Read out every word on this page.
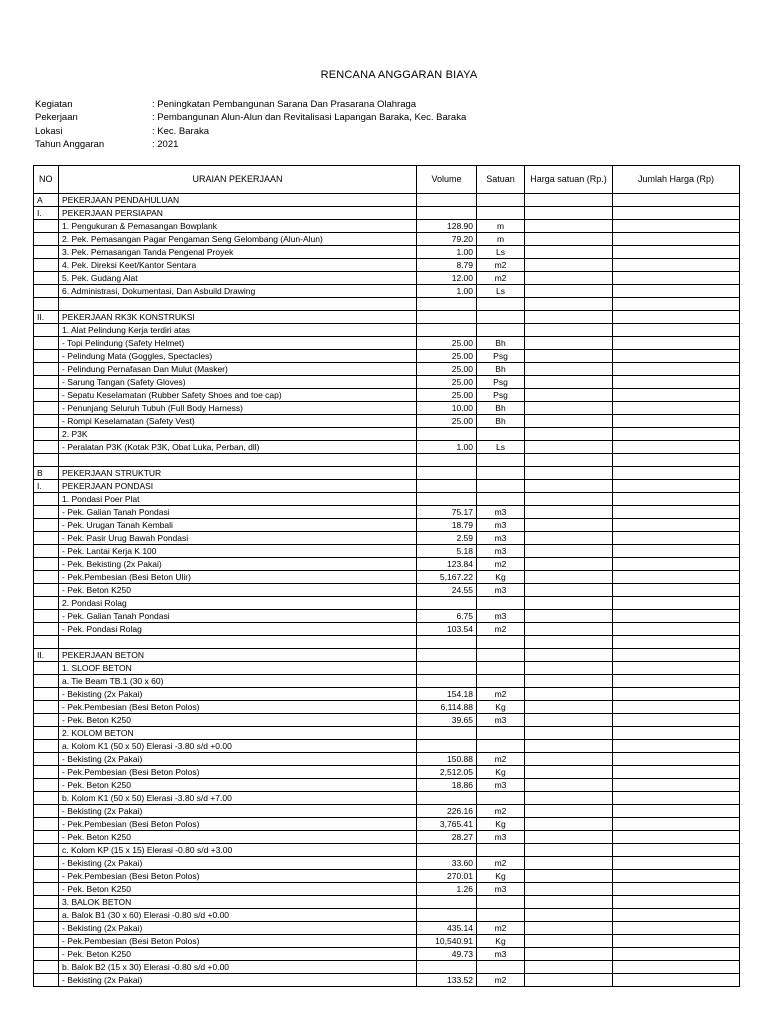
RENCANA ANGGARAN BIAYA
Kegiatan	: Peningkatan Pembangunan Sarana Dan Prasarana Olahraga
Pekerjaan	: Pembangunan Alun-Alun dan Revitalisasi Lapangan Baraka, Kec. Baraka
Lokasi	: Kec. Baraka
Tahun Anggaran	: 2021
NO	URAIAN PEKERJAAN	Volume	Satuan	Harga satuan (Rp.)	Jumlah Harga (Rp)
A	PEKERJAAN PENDAHULUAN				
I.	PEKERJAAN PERSIAPAN				
	1. Pengukuran & Pemasangan Bowplank	128.90	m		
	2. Pek. Pemasangan Pagar Pengaman Seng Gelombang (Alun-Alun)	79.20	m		
	3. Pek. Pemasangan Tanda Pengenal Proyek	1.00	Ls		
	4. Pek. Direksi Keet/Kantor Sentara	8.79	m2		
	5. Pek. Gudang Alat	12.00	m2		
	6. Administrasi, Dokumentasi, Dan Asbuild Drawing	1.00	Ls		

II.	PEKERJAAN RK3K KONSTRUKSI				
	1. Alat Pelindung Kerja terdiri atas				
	- Topi Pelindung (Safety Helmet)	25.00	Bh		
	- Pelindung Mata (Goggles, Spectacles)	25.00	Psg		
	- Pelindung Pernafasan Dan Mulut (Masker)	25.00	Bh		
	- Sarung Tangan (Safety Gloves)	25.00	Psg		
	- Sepatu Keselamatan (Rubber Safety Shoes and toe cap)	25.00	Psg		
	- Penunjang Seluruh Tubuh (Full Body Harness)	10.00	Bh		
	- Rompi Keselamatan (Safety Vest)	25.00	Bh		
	2. P3K				
	- Peralatan P3K (Kotak P3K, Obat Luka, Perban, dll)	1.00	Ls		

B	PEKERJAAN STRUKTUR				
I.	PEKERJAAN PONDASI				
	1. Pondasi Poer Plat				
	- Pek. Galian Tanah Pondasi	75.17	m3		
	- Pek. Urugan Tanah Kembali	18.79	m3		
	- Pek. Pasir Urug Bawah Pondasi	2.59	m3		
	- Pek. Lantai Kerja K 100	5.18	m3		
	- Pek. Bekisting (2x Pakai)	123.84	m2		
	- Pek.Pembesian (Besi Beton Ulir)	5,167.22	Kg		
	- Pek. Beton K250	24.55	m3		
	2. Pondasi Rolag				
	- Pek. Galian Tanah Pondasi	6.75	m3		
	- Pek. Pondasi Rolag	103.54	m2		

II.	PEKERJAAN BETON				
	1. SLOOF BETON				
	a. Tie Beam TB.1 (30 x 60)				
	- Bekisting (2x Pakai)	154.18	m2		
	- Pek.Pembesian (Besi Beton Polos)	6,114.88	Kg		
	- Pek. Beton K250	39.65	m3		
	2. KOLOM BETON				
	a. Kolom K1 (50 x 50) Elerasi -3.80 s/d +0.00				
	- Bekisting (2x Pakai)	150.88	m2		
	- Pek.Pembesian (Besi Beton Polos)	2,512.05	Kg		
	- Pek. Beton K250	18.86	m3		
	b. Kolom K1 (50 x 50) Elerasi -3.80 s/d +7.00				
	- Bekisting (2x Pakai)	226.16	m2		
	- Pek.Pembesian (Besi Beton Polos)	3,765.41	Kg		
	- Pek. Beton K250	28.27	m3		
	c. Kolom KP (15 x 15) Elerasi -0.80 s/d +3.00				
	- Bekisting (2x Pakai)	33.60	m2		
	- Pek.Pembesian (Besi Beton Polos)	270.01	Kg		
	- Pek. Beton K250	1.26	m3		
	3. BALOK BETON				
	a. Balok B1 (30 x 60) Elerasi -0.80 s/d +0.00				
	- Bekisting (2x Pakai)	435.14	m2		
	- Pek.Pembesian (Besi Beton Polos)	10,540.91	Kg		
	- Pek. Beton K250	49.73	m3		
	b. Balok B2 (15 x 30) Elerasi -0.80 s/d +0.00				
	- Bekisting (2x Pakai)	133.52	m2		
